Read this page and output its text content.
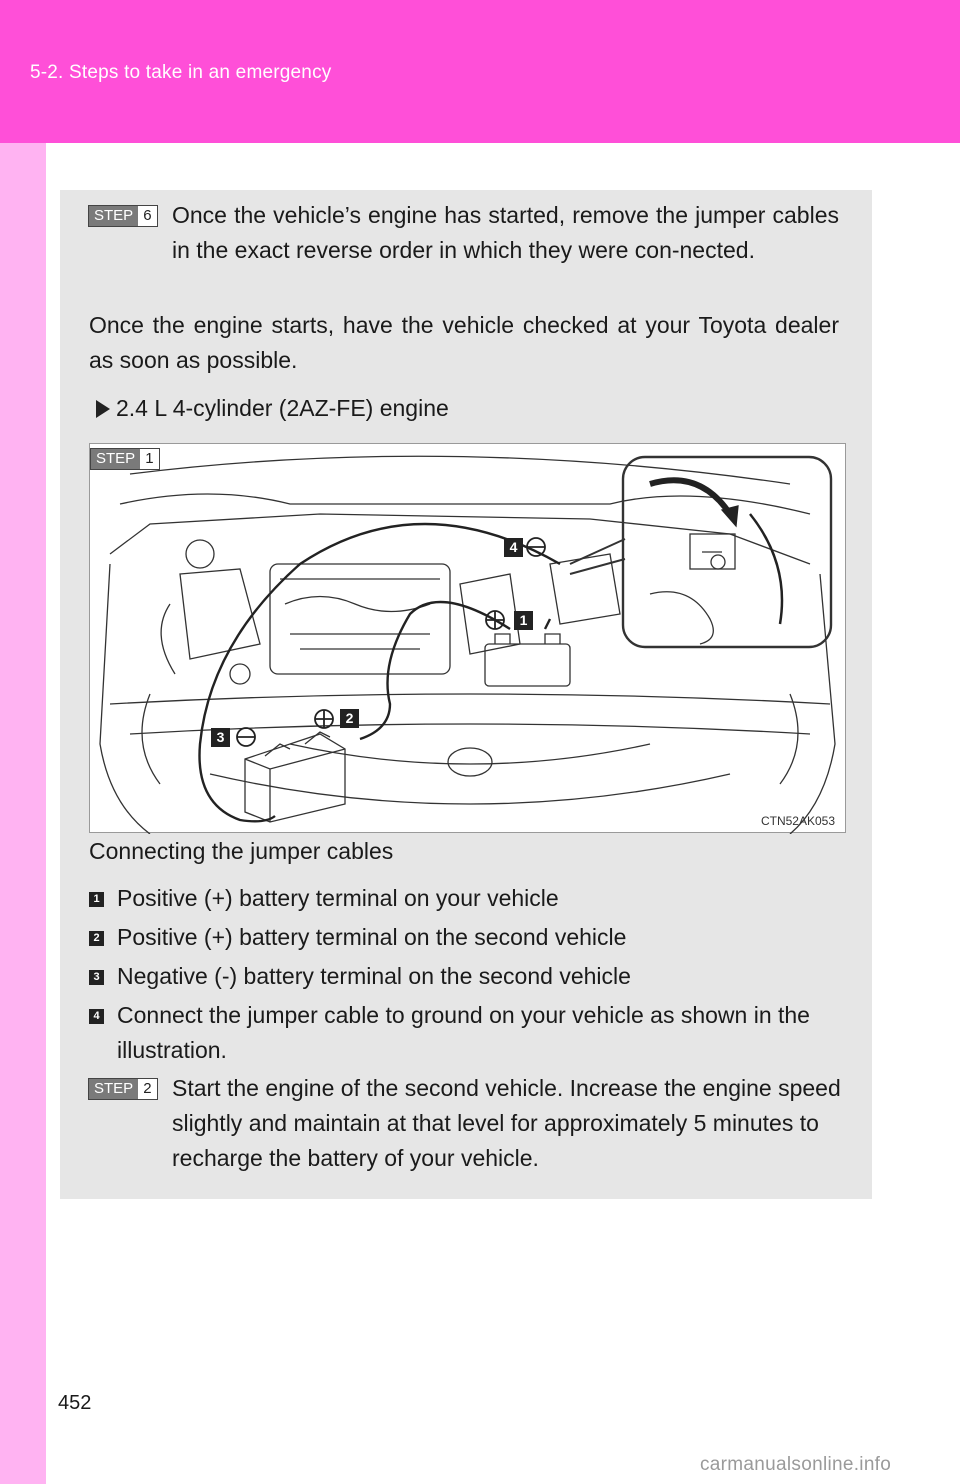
5-2. Steps to take in an emergency
STEP 6 Once the vehicle’s engine has started, remove the jumper cables in the exact reverse order in which they were con-nected.
Once the engine starts, have the vehicle checked at your Toyota dealer as soon as possible.
2.4 L 4-cylinder (2AZ-FE) engine
STEP 1
1
2
3
4
CTN52AK053
Connecting the jumper cables
1 Positive (+) battery terminal on your vehicle
2 Positive (+) battery terminal on the second vehicle
3 Negative (-) battery terminal on the second vehicle
4 Connect the jumper cable to ground on your vehicle as shown in the illustration.
STEP 2 Start the engine of the second vehicle. Increase the engine speed slightly and maintain at that level for approximately 5 minutes to recharge the battery of your vehicle.
452
carmanualsonline.info
